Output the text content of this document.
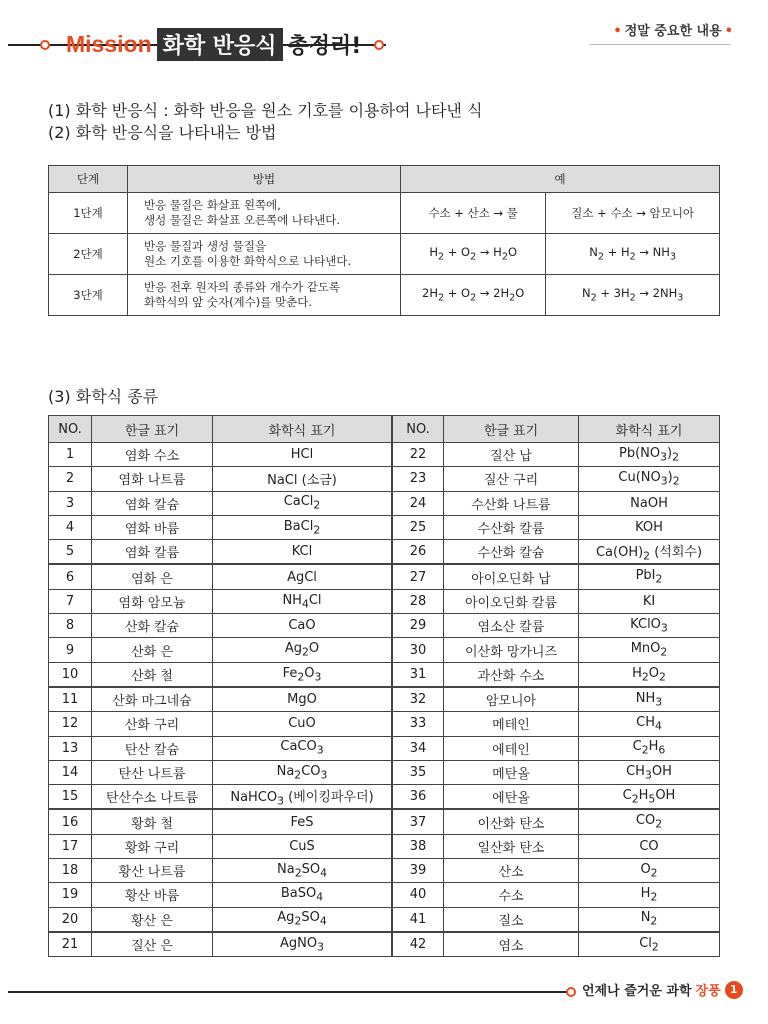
Mission 화학 반응식 총정리!
• 정말 중요한 내용 •
(1) 화학 반응식 : 화학 반응을 원소 기호를 이용하여 나타낸 식
(2) 화학 반응식을 나타내는 방법
단계	방법	예	
1단계	반응 물질은 화살표 왼쪽에,
생성 물질은 화살표 오른쪽에 나타낸다.	수소 + 산소 → 물	질소 + 수소 → 암모니아
2단계	반응 물질과 생성 물질을
원소 기호를 이용한 화학식으로 나타낸다.	$H_2 + O_2 \to H_2O$	$N_2 + H_2 \to NH_3$
3단계	반응 전후 원자의 종류와 개수가 같도록
화학식의 앞 숫자(계수)를 맞춘다.	$2H_2 + O_2 \to 2H_2O$	$N_2 + 3H_2 \to 2NH_3$
(3) 화학식 종류
NO.	한글 표기	화학식 표기	NO.	한글 표기	화학식 표기
1	염화 수소	HCl	22	질산 납	$Pb(NO_3)_2$
2	염화 나트륨	NaCl (소금)	23	질산 구리	$Cu(NO_3)_2$
3	염화 칼슘	CaCl$_2$	24	수산화 나트륨	NaOH
4	염화 바륨	BaCl$_2$	25	수산화 칼륨	KOH
5	염화 칼륨	KCl	26	수산화 칼슘	$Ca(OH)_2$ (석회수)
6	염화 은	AgCl	27	아이오딘화 납	PbI$_2$
7	염화 암모늄	$NH_4Cl$	28	아이오딘화 칼륨	KI
8	산화 칼슘	CaO	29	염소산 칼륨	KClO$_3$
9	산화 은	$Ag_2O$	30	이산화 망가니즈	MnO$_2$
10	산화 철	$Fe_2O_3$	31	과산화 수소	$H_2O_2$
11	산화 마그네슘	MgO	32	암모니아	$NH_3$
12	산화 구리	CuO	33	메테인	$CH_4$
13	탄산 칼슘	CaCO$_3$	34	에테인	$C_2H_6$
14	탄산 나트륨	$Na_2CO_3$	35	메탄올	$CH_3OH$
15	탄산수소 나트륨	NaHCO$_3$ (베이킹파우더)	36	에탄올	$C_2H_5OH$
16	황화 철	FeS	37	이산화 탄소	$CO_2$
17	황화 구리	CuS	38	일산화 탄소	CO
18	황산 나트륨	$Na_2SO_4$	39	산소	$O_2$
19	황산 바륨	BaSO$_4$	40	수소	$H_2$
20	황산 은	$Ag_2SO_4$	41	질소	$N_2$
21	질산 은	AgNO$_3$	42	염소	$Cl_2$
언제나 즐거운 과학 장풍 1
